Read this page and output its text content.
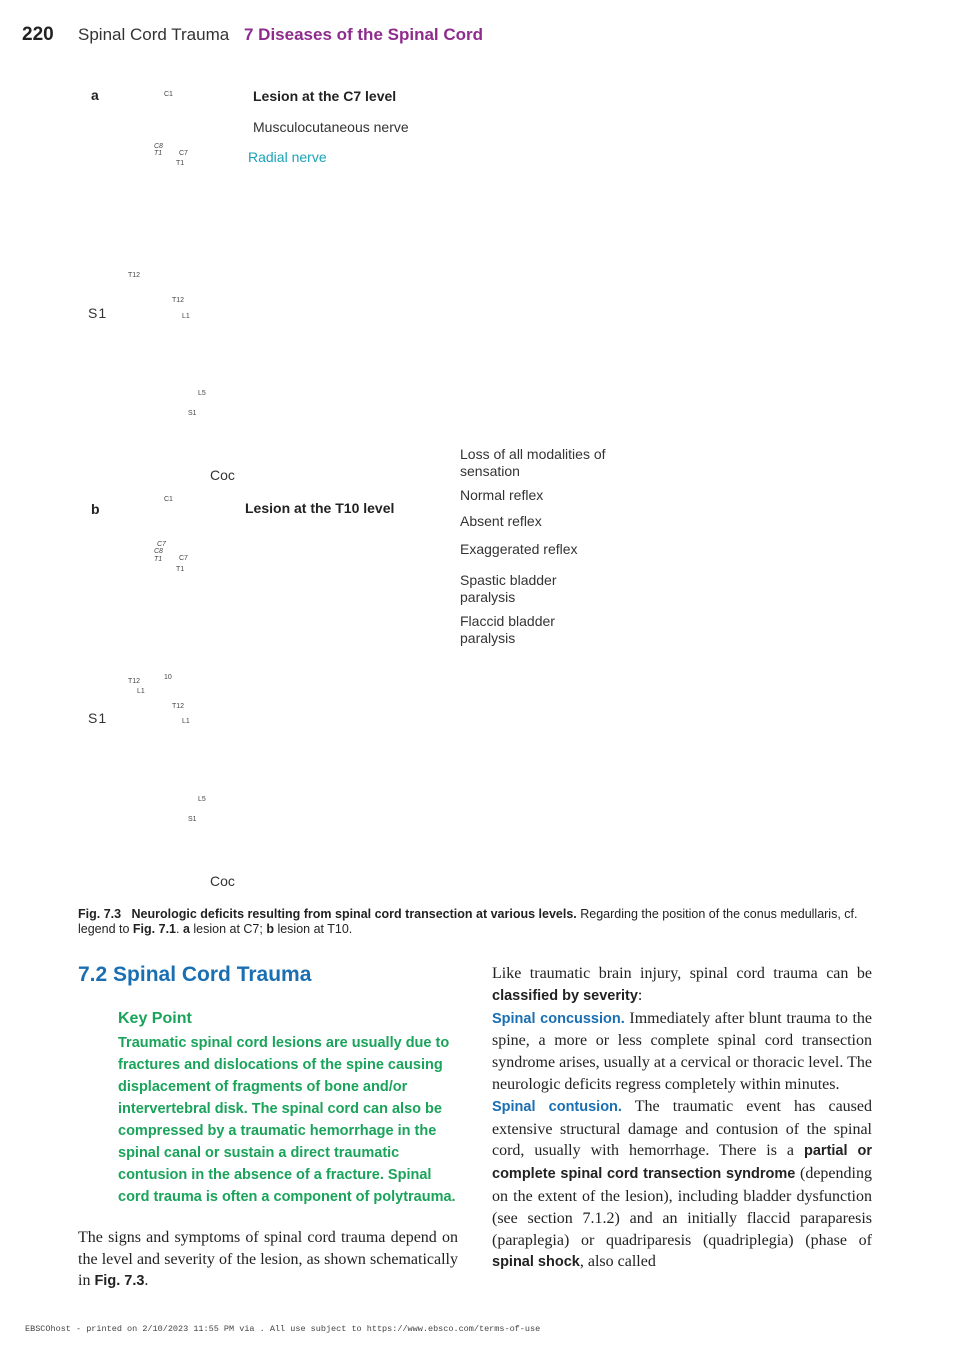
220 Spinal Cord Trauma 7 Diseases of the Spinal Cord
a	C1	Lesion at the C7 level
Musculocutaneous nerve
Radial nerve
C8
T1 C7
T1
T12
S1
T12
L1
L5
S1
Coc
Loss of all modalities of sensation
Normal reflex
Absent reflex
Exaggerated reflex
Spastic bladder paralysis
Flaccid bladder paralysis
b
C1
Lesion at the T10 level
C7
C8
T1 C7
T1
T12
L1
10
S1
T12
L1
L5
S1
Coc
Fig. 7.3 Neurologic deficits resulting from spinal cord transection at various levels. Regarding the position of the conus medullaris, cf. legend to Fig. 7.1. a lesion at C7; b lesion at T10.
7.2 Spinal Cord Trauma
Key Point
Traumatic spinal cord lesions are usually due to fractures and dislocations of the spine causing displacement of fragments of bone and/or intervertebral disk. The spinal cord can also be compressed by a traumatic hemorrhage in the spinal canal or sustain a direct traumatic contusion in the absence of a fracture. Spinal cord trauma is often a component of polytrauma.
The signs and symptoms of spinal cord trauma depend on the level and severity of the lesion, as shown schematically in Fig. 7.3.

Like traumatic brain injury, spinal cord trauma can be classified by severity:

Spinal concussion. Immediately after blunt trauma to the spine, a more or less complete spinal cord transection syndrome arises, usually at a cervical or thoracic level. The neurologic deficits regress completely within minutes.

Spinal contusion. The traumatic event has caused extensive structural damage and contusion of the spinal cord, usually with hemorrhage. There is a partial or complete spinal cord transection syndrome (depending on the extent of the lesion), including bladder dysfunction (see section 7.1.2) and an initially flaccid paraparesis (paraplegia) or quadriparesis (quadriplegia) (phase of spinal shock, also called

EBSCOhost - printed on 2/10/2023 11:55 PM via . All use subject to https://www.ebsco.com/terms-of-use
